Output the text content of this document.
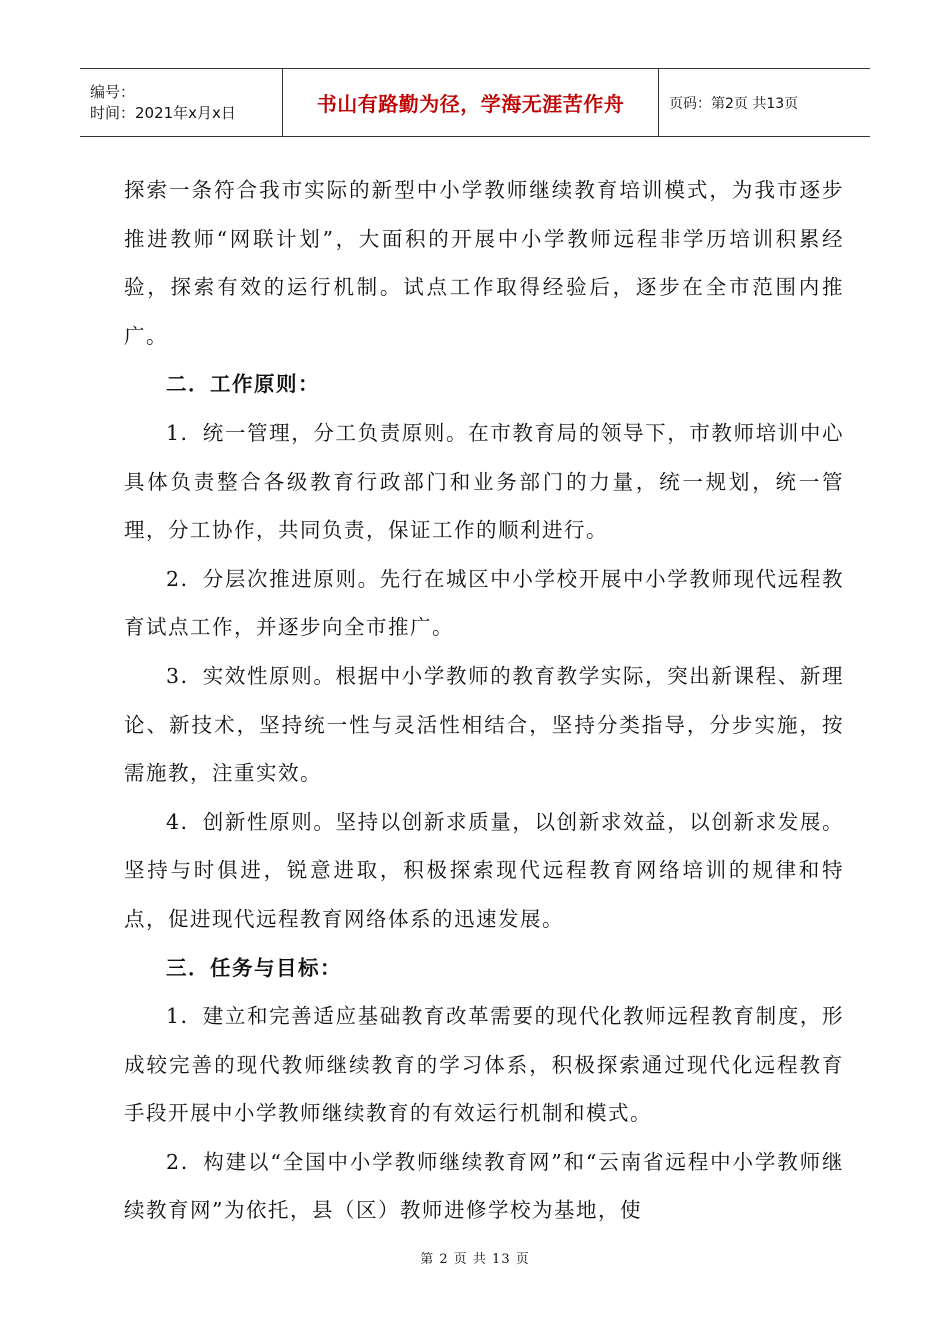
编号：
时间：2021年x月x日	书山有路勤为径，学海无涯苦作舟	页码：第2页 共13页

探索一条符合我市实际的新型中小学教师继续教育培训模式，为我市逐步推进教师“网联计划”，大面积的开展中小学教师远程非学历培训积累经验，探索有效的运行机制。试点工作取得经验后，逐步在全市范围内推广。

二．工作原则：

1．统一管理，分工负责原则。在市教育局的领导下，市教师培训中心具体负责整合各级教育行政部门和业务部门的力量，统一规划，统一管理，分工协作，共同负责，保证工作的顺利进行。

2．分层次推进原则。先行在城区中小学校开展中小学教师现代远程教育试点工作，并逐步向全市推广。

3．实效性原则。根据中小学教师的教育教学实际，突出新课程、新理论、新技术，坚持统一性与灵活性相结合，坚持分类指导，分步实施，按需施教，注重实效。

4．创新性原则。坚持以创新求质量，以创新求效益，以创新求发展。坚持与时俱进，锐意进取，积极探索现代远程教育网络培训的规律和特点，促进现代远程教育网络体系的迅速发展。

三．任务与目标：

1．建立和完善适应基础教育改革需要的现代化教师远程教育制度，形成较完善的现代教师继续教育的学习体系，积极探索通过现代化远程教育手段开展中小学教师继续教育的有效运行机制和模式。

2．构建以“全国中小学教师继续教育网”和“云南省远程中小学教师继续教育网”为依托，县（区）教师进修学校为基地，使

第 2 页 共 13 页
